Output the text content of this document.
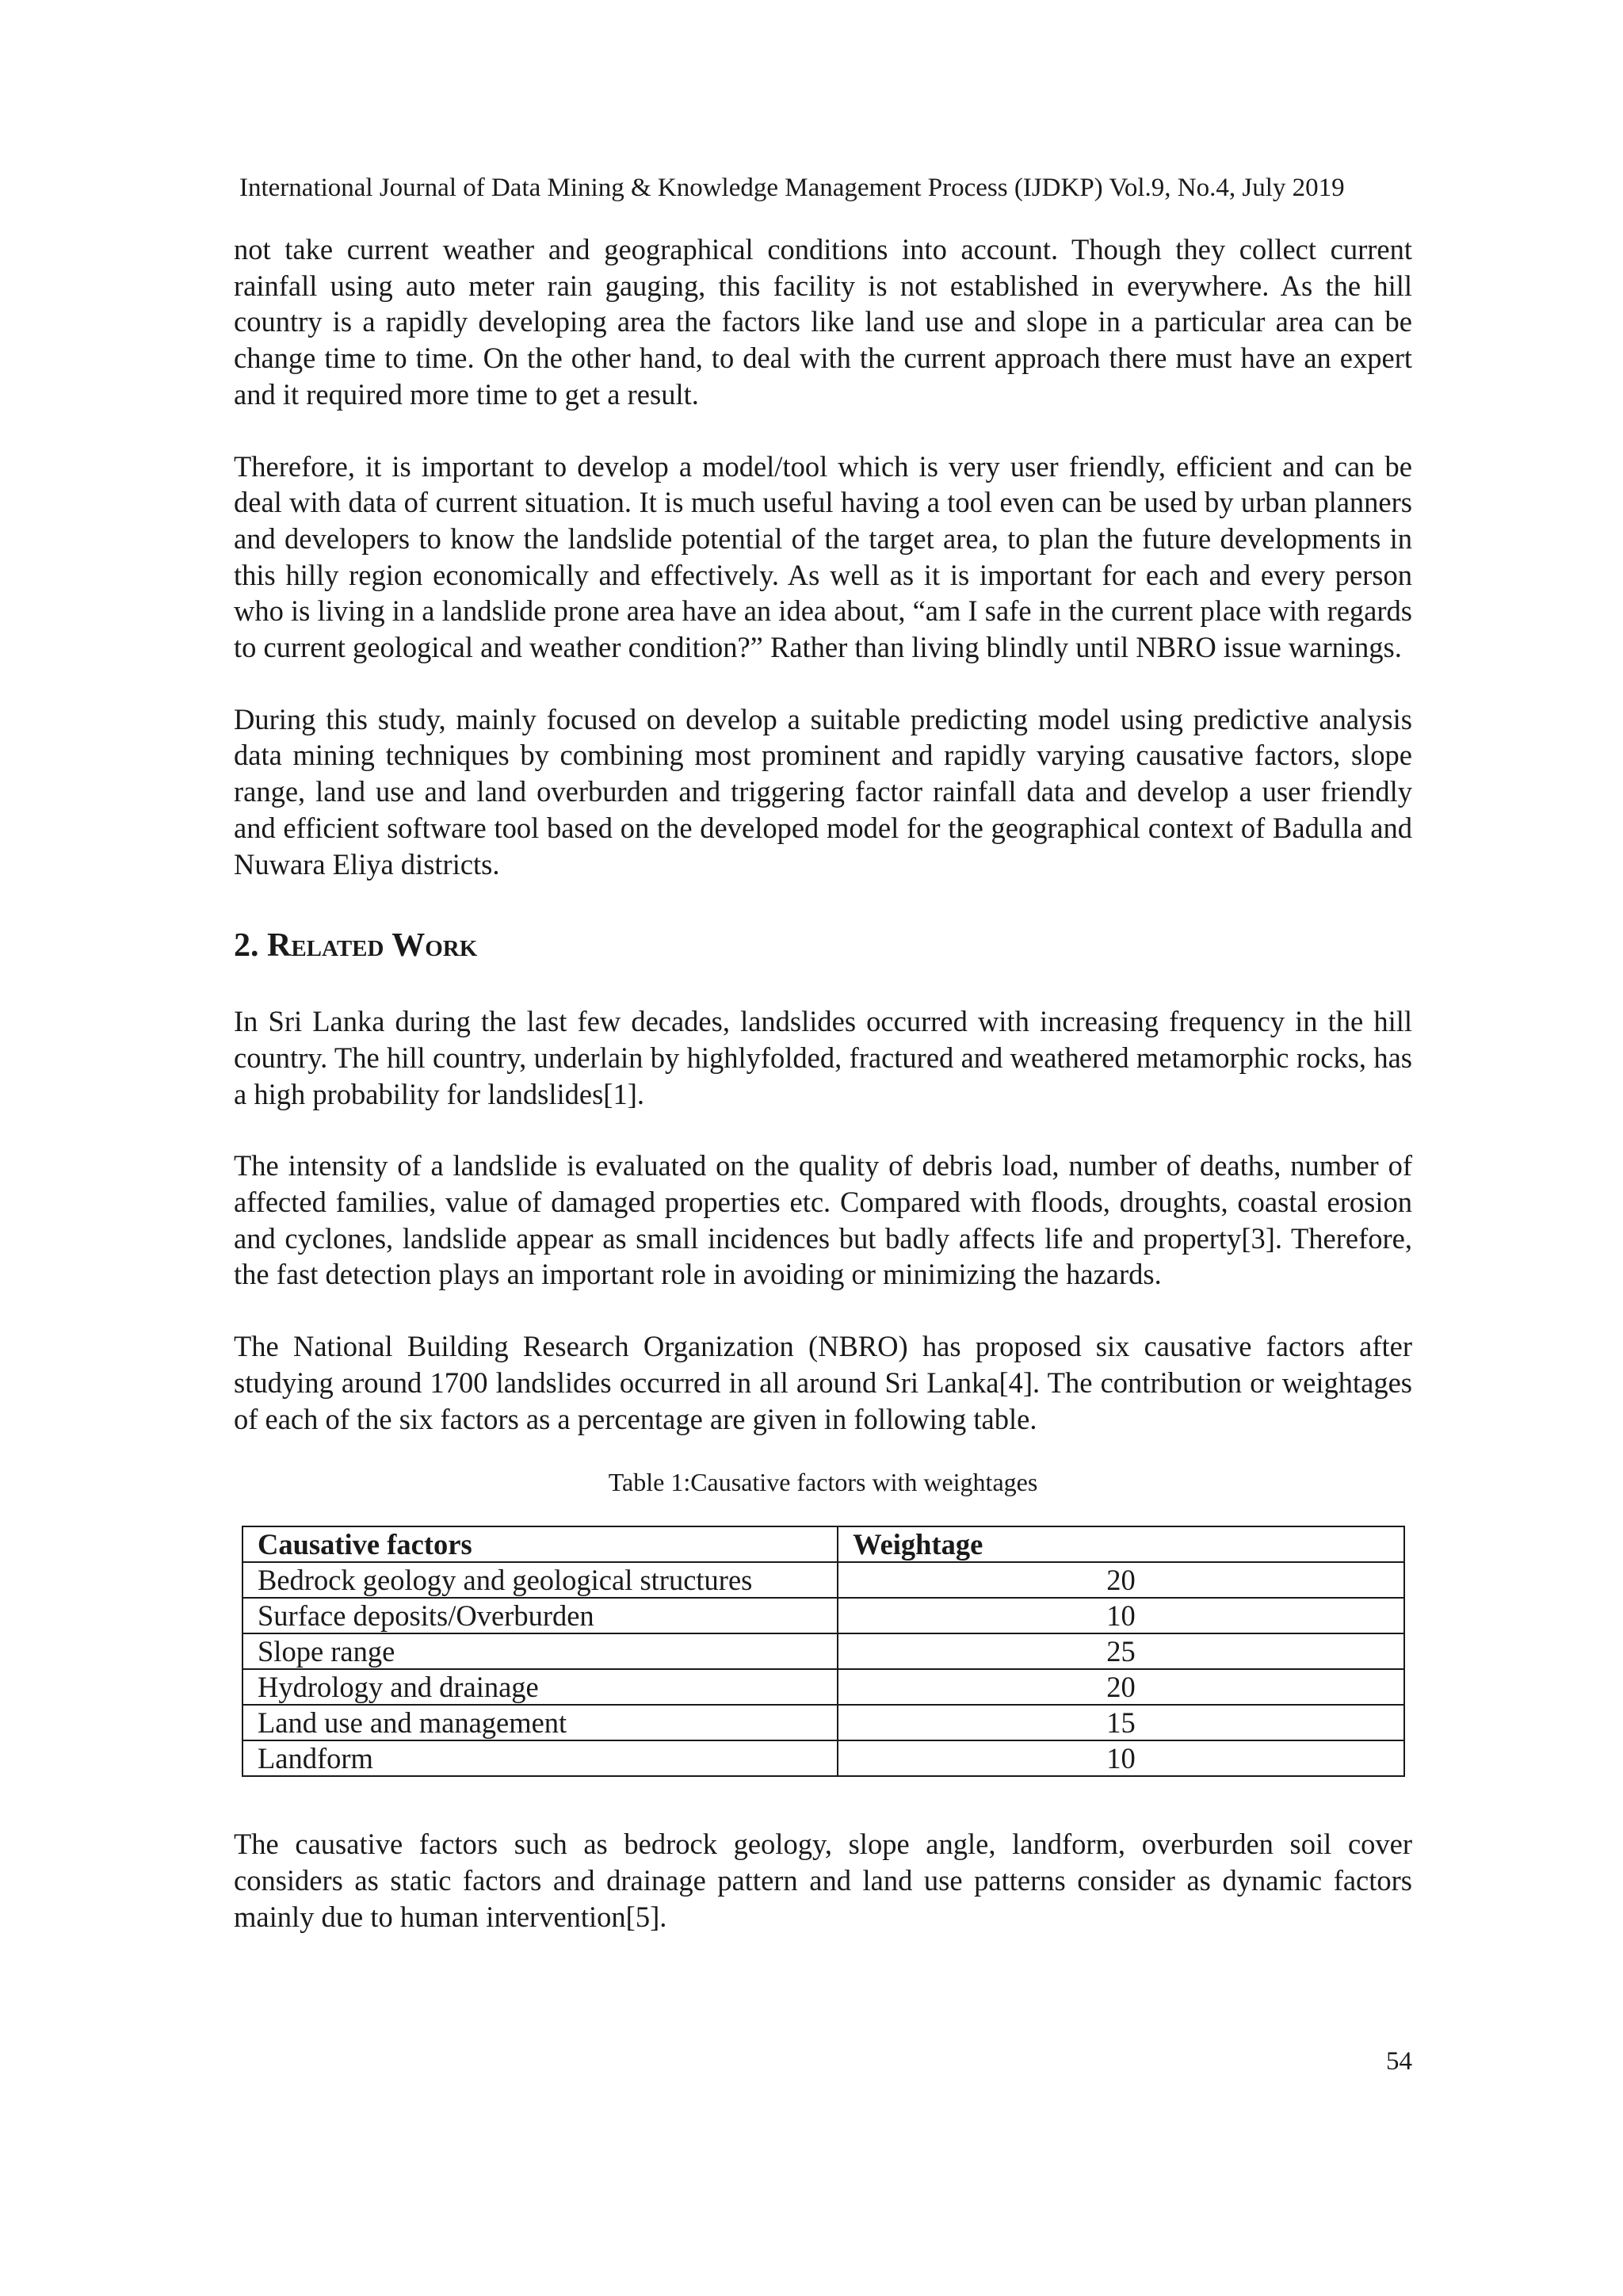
International Journal of Data Mining & Knowledge Management Process (IJDKP) Vol.9, No.4, July 2019

not take current weather and geographical conditions into account. Though they collect current rainfall using auto meter rain gauging, this facility is not established in everywhere. As the hill country is a rapidly developing area the factors like land use and slope in a particular area can be change time to time. On the other hand, to deal with the current approach there must have an expert and it required more time to get a result.

Therefore, it is important to develop a model/tool which is very user friendly, efficient and can be deal with data of current situation. It is much useful having a tool even can be used by urban planners and developers to know the landslide potential of the target area, to plan the future developments in this hilly region economically and effectively. As well as it is important for each and every person who is living in a landslide prone area have an idea about, “am I safe in the current place with regards to current geological and weather condition?” Rather than living blindly until NBRO issue warnings.

During this study, mainly focused on develop a suitable predicting model using predictive analysis data mining techniques by combining most prominent and rapidly varying causative factors, slope range, land use and land overburden and triggering factor rainfall data and develop a user friendly and efficient software tool based on the developed model for the geographical context of Badulla and Nuwara Eliya districts.

2. Related Work

In Sri Lanka during the last few decades, landslides occurred with increasing frequency in the hill country. The hill country, underlain by highlyfolded, fractured and weathered metamorphic rocks, has a high probability for landslides[1].

The intensity of a landslide is evaluated on the quality of debris load, number of deaths, number of affected families, value of damaged properties etc. Compared with floods, droughts, coastal erosion and cyclones, landslide appear as small incidences but badly affects life and property[3]. Therefore, the fast detection plays an important role in avoiding or minimizing the hazards.

The National Building Research Organization (NBRO) has proposed six causative factors after studying around 1700 landslides occurred in all around Sri Lanka[4]. The contribution or weightages of each of the six factors as a percentage are given in following table.

Table 1:Causative factors with weightages
Causative factors	Weightage
Bedrock geology and geological structures	20
Surface deposits/Overburden	10
Slope range	25
Hydrology and drainage	20
Land use and management	15
Landform	10

The causative factors such as bedrock geology, slope angle, landform, overburden soil cover considers as static factors and drainage pattern and land use patterns consider as dynamic factors mainly due to human intervention[5].

54
